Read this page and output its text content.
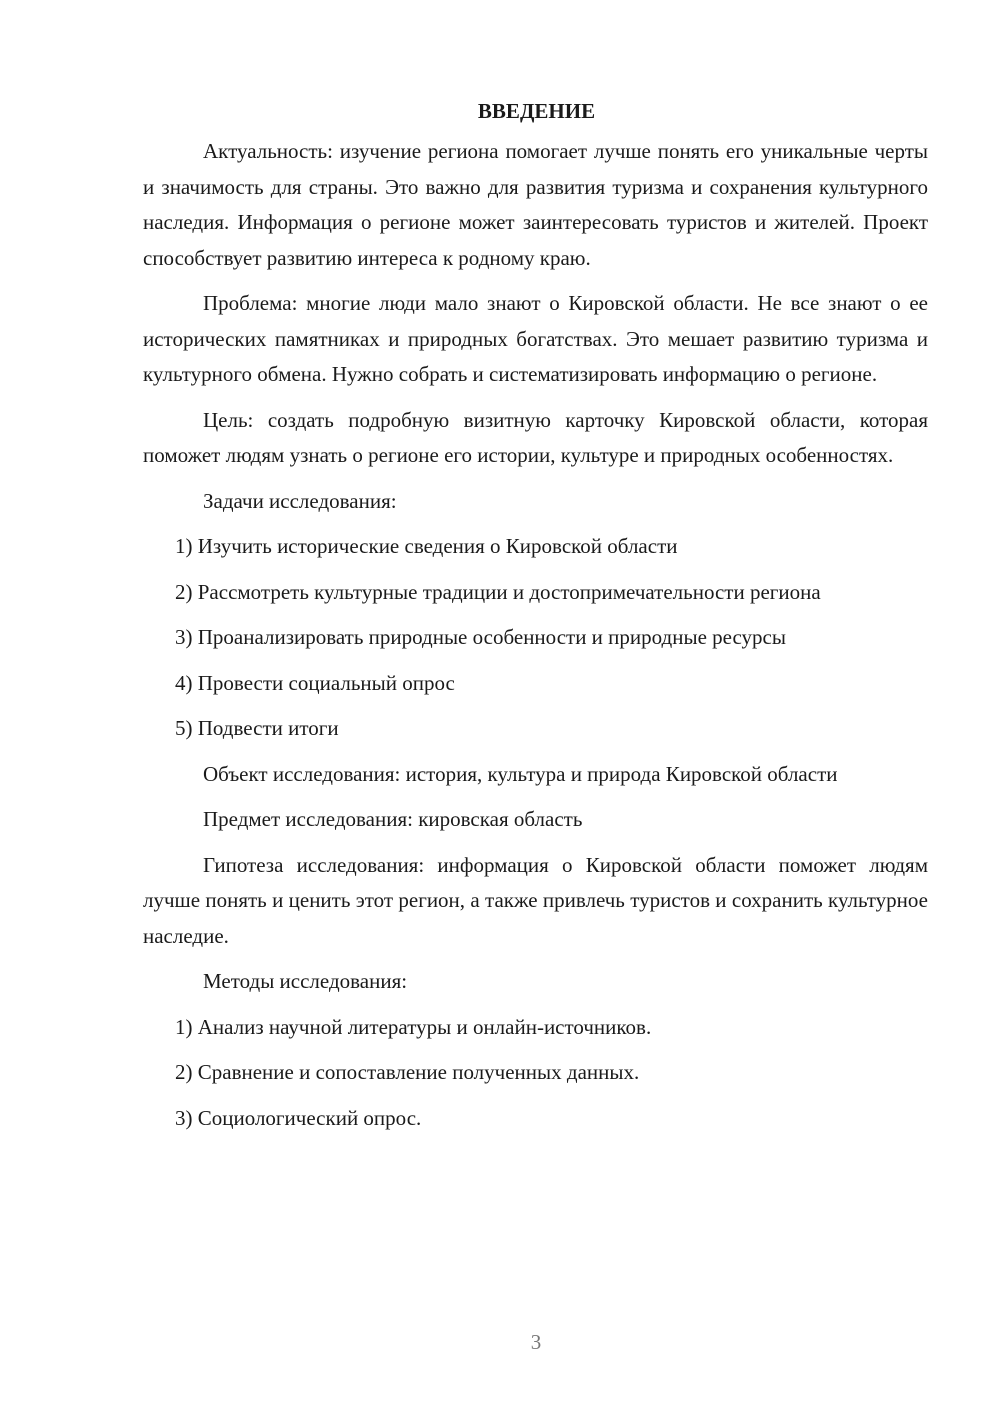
ВВЕДЕНИЕ

Актуальность: изучение региона помогает лучше понять его уникальные черты и значимость для страны. Это важно для развития туризма и сохранения культурного наследия. Информация о регионе может заинтересовать туристов и жителей. Проект способствует развитию интереса к родному краю.

Проблема: многие люди мало знают о Кировской области. Не все знают о ее исторических памятниках и природных богатствах. Это мешает развитию туризма и культурного обмена. Нужно собрать и систематизировать информацию о регионе.

Цель: создать подробную визитную карточку Кировской области, которая поможет людям узнать о регионе его истории, культуре и природных особенностях.

Задачи исследования:

1) Изучить исторические сведения о Кировской области

2) Рассмотреть культурные традиции и достопримечательности региона

3) Проанализировать природные особенности и природные ресурсы

4) Провести социальный опрос

5) Подвести итоги

Объект исследования: история, культура и природа Кировской области

Предмет исследования: кировская область

Гипотеза исследования: информация о Кировской области поможет людям лучше понять и ценить этот регион, а также привлечь туристов и сохранить культурное наследие.

Методы исследования:

1) Анализ научной литературы и онлайн-источников.

2) Сравнение и сопоставление полученных данных.

3) Социологический опрос.

3
